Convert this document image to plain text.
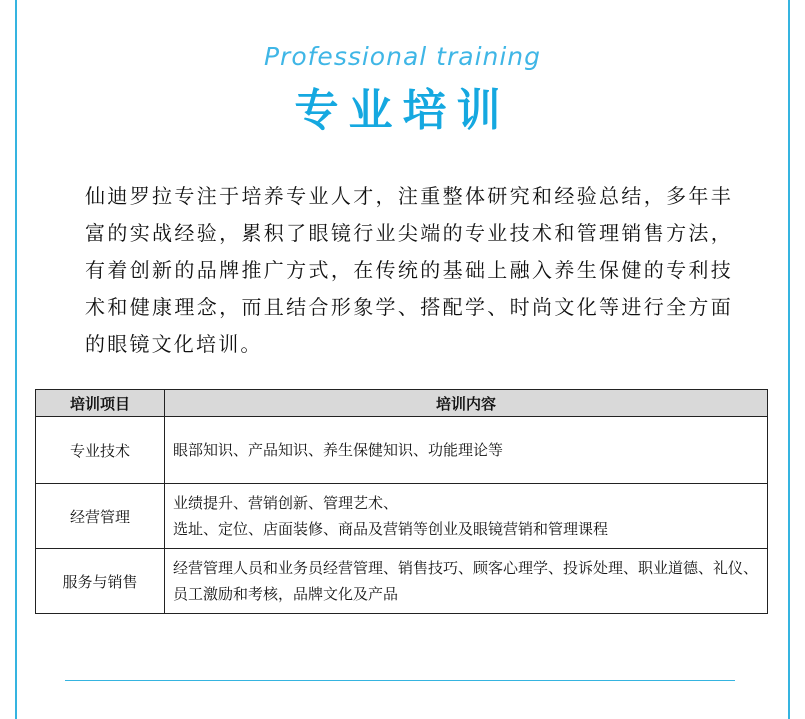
Professional training
专业培训

仙迪罗拉专注于培养专业人才，注重整体研究和经验总结，多年丰富的实战经验，累积了眼镜行业尖端的专业技术和管理销售方法，有着创新的品牌推广方式，在传统的基础上融入养生保健的专利技术和健康理念，而且结合形象学、搭配学、时尚文化等进行全方面的眼镜文化培训。

培训项目	培训内容
专业技术	眼部知识、产品知识、养生保健知识、功能理论等

经营管理	业绩提升、营销创新、管理艺术、
选址、定位、店面装修、商品及营销等创业及眼镜营销和管理课程

服务与销售	经营管理人员和业务员经营管理、销售技巧、顾客心理学、投诉处理、职业道德、礼仪、员工激励和考核，品牌文化及产品
